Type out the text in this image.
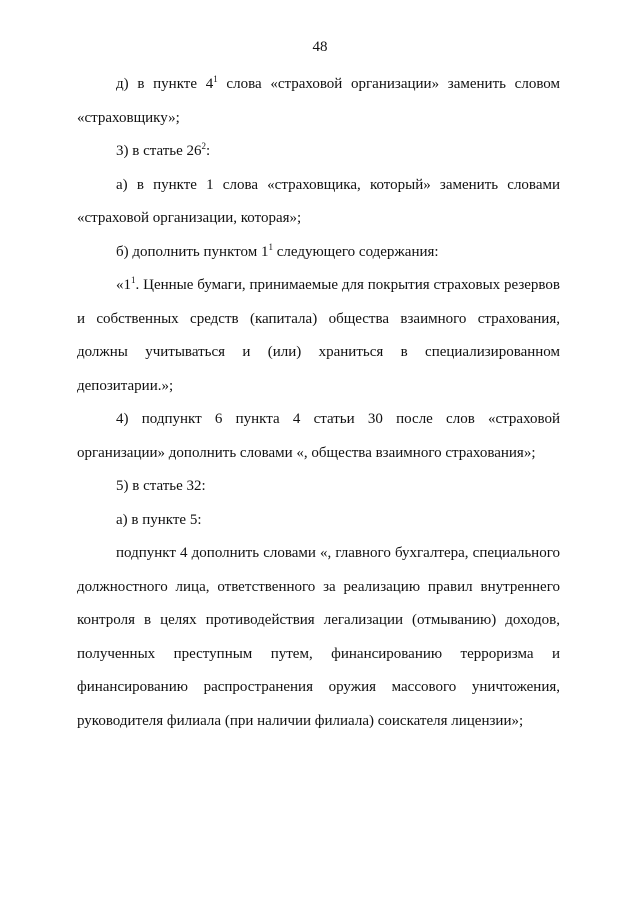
48

д) в пункте $4^1$ слова «страховой организации» заменить словом «страховщику»;

3) в статье $26^2$:

а) в пункте 1 слова «страховщика, который» заменить словами «страховой организации, которая»;

б) дополнить пунктом $1^1$ следующего содержания:

«$1^1$. Ценные бумаги, принимаемые для покрытия страховых резервов и собственных средств (капитала) общества взаимного страхования, должны учитываться и (или) храниться в специализированном депозитарии.»;

4) подпункт 6 пункта 4 статьи 30 после слов «страховой организации» дополнить словами «, общества взаимного страхования»;

5) в статье 32:

а) в пункте 5:

подпункт 4 дополнить словами «, главного бухгалтера, специального должностного лица, ответственного за реализацию правил внутреннего контроля в целях противодействия легализации (отмыванию) доходов, полученных преступным путем, финансированию терроризма и финансированию распространения оружия массового уничтожения, руководителя филиала (при наличии филиала) соискателя лицензии»;
